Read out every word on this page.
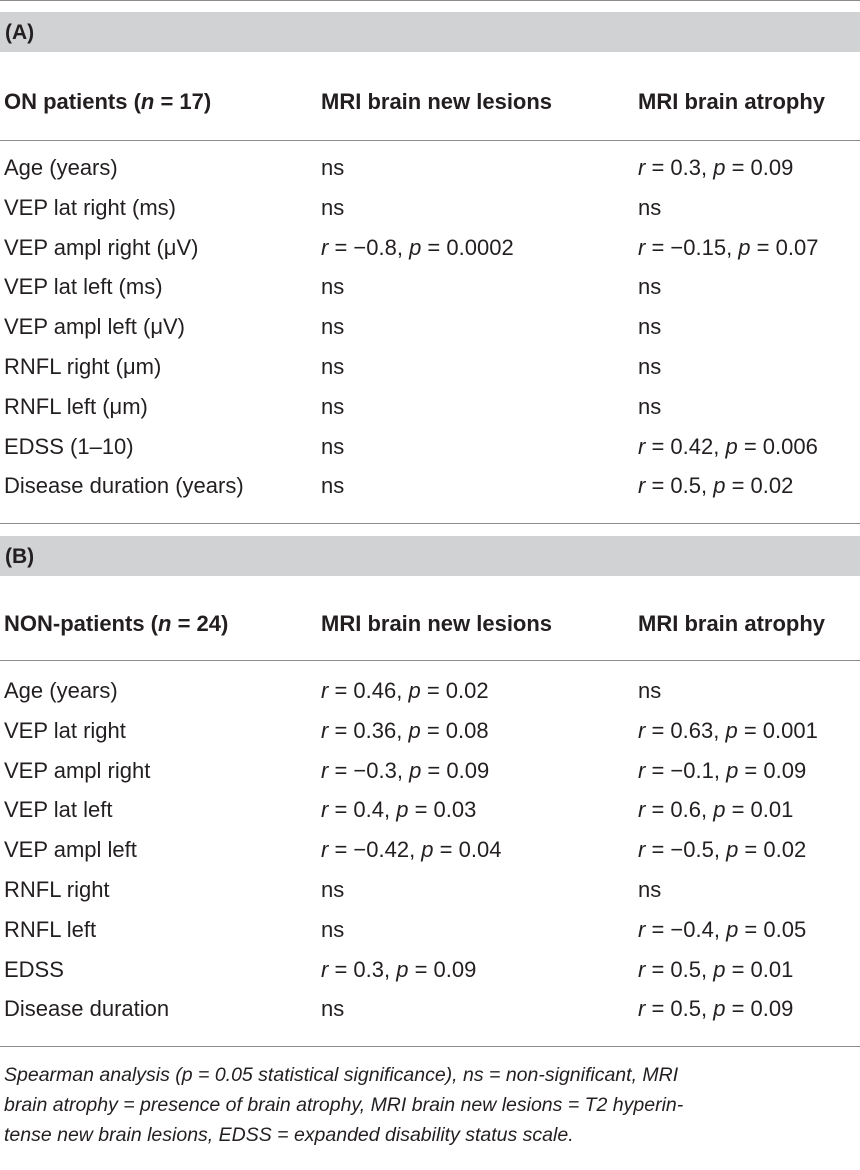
(A)
ON patients (n = 17)	MRI brain new lesions	MRI brain atrophy
Age (years)	ns	r = 0.3, p = 0.09
VEP lat right (ms)	ns	ns
VEP ampl right (μV)	r = −0.8, p = 0.0002	r = −0.15, p = 0.07
VEP lat left (ms)	ns	ns
VEP ampl left (μV)	ns	ns
RNFL right (μm)	ns	ns
RNFL left (μm)	ns	ns
EDSS (1–10)	ns	r = 0.42, p = 0.006
Disease duration (years)	ns	r = 0.5, p = 0.02
(B)
NON-patients (n = 24)	MRI brain new lesions	MRI brain atrophy
Age (years)	r = 0.46, p = 0.02	ns
VEP lat right	r = 0.36, p = 0.08	r = 0.63, p = 0.001
VEP ampl right	r = −0.3, p = 0.09	r = −0.1, p = 0.09
VEP lat left	r = 0.4, p = 0.03	r = 0.6, p = 0.01
VEP ampl left	r = −0.42, p = 0.04	r = −0.5, p = 0.02
RNFL right	ns	ns
RNFL left	ns	r = −0.4, p = 0.05
EDSS	r = 0.3, p = 0.09	r = 0.5, p = 0.01
Disease duration	ns	r = 0.5, p = 0.09
Spearman analysis (p = 0.05 statistical significance), ns = non-significant, MRI
brain atrophy = presence of brain atrophy, MRI brain new lesions = T2 hyperin-
tense new brain lesions, EDSS = expanded disability status scale.
